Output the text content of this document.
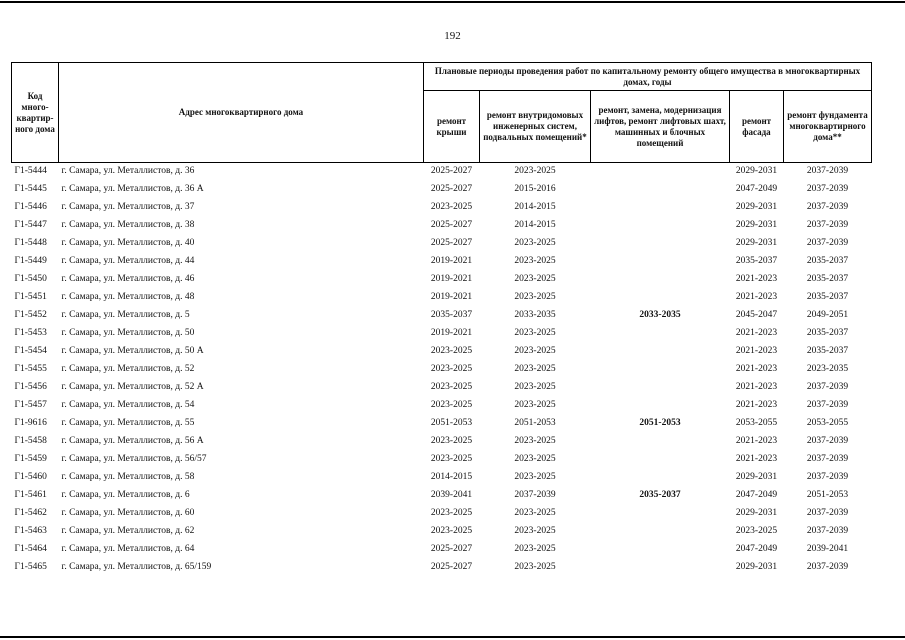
192
Код много-квартир-ного дома	Адрес многоквартирного дома	Плановые периоды проведения работ по капитальному ремонту общего имущества в многоквартирных домах, годы				
		ремонт крыши	ремонт внутридомовых инженерных систем, подвальных помещений*	ремонт, замена, модернизация лифтов, ремонт лифтовых шахт, машинных и блочных помещений	ремонт фасада	ремонт фундамента многоквартирного дома**
Г1-5444	г. Самара, ул. Металлистов, д. 36	2025-2027	2023-2025		2029-2031	2037-2039
Г1-5445	г. Самара, ул. Металлистов, д. 36 А	2025-2027	2015-2016		2047-2049	2037-2039
Г1-5446	г. Самара, ул. Металлистов, д. 37	2023-2025	2014-2015		2029-2031	2037-2039
Г1-5447	г. Самара, ул. Металлистов, д. 38	2025-2027	2014-2015		2029-2031	2037-2039
Г1-5448	г. Самара, ул. Металлистов, д. 40	2025-2027	2023-2025		2029-2031	2037-2039
Г1-5449	г. Самара, ул. Металлистов, д. 44	2019-2021	2023-2025		2035-2037	2035-2037
Г1-5450	г. Самара, ул. Металлистов, д. 46	2019-2021	2023-2025		2021-2023	2035-2037
Г1-5451	г. Самара, ул. Металлистов, д. 48	2019-2021	2023-2025		2021-2023	2035-2037
Г1-5452	г. Самара, ул. Металлистов, д. 5	2035-2037	2033-2035	2033-2035	2045-2047	2049-2051
Г1-5453	г. Самара, ул. Металлистов, д. 50	2019-2021	2023-2025		2021-2023	2035-2037
Г1-5454	г. Самара, ул. Металлистов, д. 50 А	2023-2025	2023-2025		2021-2023	2035-2037
Г1-5455	г. Самара, ул. Металлистов, д. 52	2023-2025	2023-2025		2021-2023	2023-2035
Г1-5456	г. Самара, ул. Металлистов, д. 52 А	2023-2025	2023-2025		2021-2023	2037-2039
Г1-5457	г. Самара, ул. Металлистов, д. 54	2023-2025	2023-2025		2021-2023	2037-2039
Г1-9616	г. Самара, ул. Металлистов, д. 55	2051-2053	2051-2053	2051-2053	2053-2055	2053-2055
Г1-5458	г. Самара, ул. Металлистов, д. 56 А	2023-2025	2023-2025		2021-2023	2037-2039
Г1-5459	г. Самара, ул. Металлистов, д. 56/57	2023-2025	2023-2025		2021-2023	2037-2039
Г1-5460	г. Самара, ул. Металлистов, д. 58	2014-2015	2023-2025		2029-2031	2037-2039
Г1-5461	г. Самара, ул. Металлистов, д. 6	2039-2041	2037-2039	2035-2037	2047-2049	2051-2053
Г1-5462	г. Самара, ул. Металлистов, д. 60	2023-2025	2023-2025		2029-2031	2037-2039
Г1-5463	г. Самара, ул. Металлистов, д. 62	2023-2025	2023-2025		2023-2025	2037-2039
Г1-5464	г. Самара, ул. Металлистов, д. 64	2025-2027	2023-2025		2047-2049	2039-2041
Г1-5465	г. Самара, ул. Металлистов, д. 65/159	2025-2027	2023-2025		2029-2031	2037-2039
